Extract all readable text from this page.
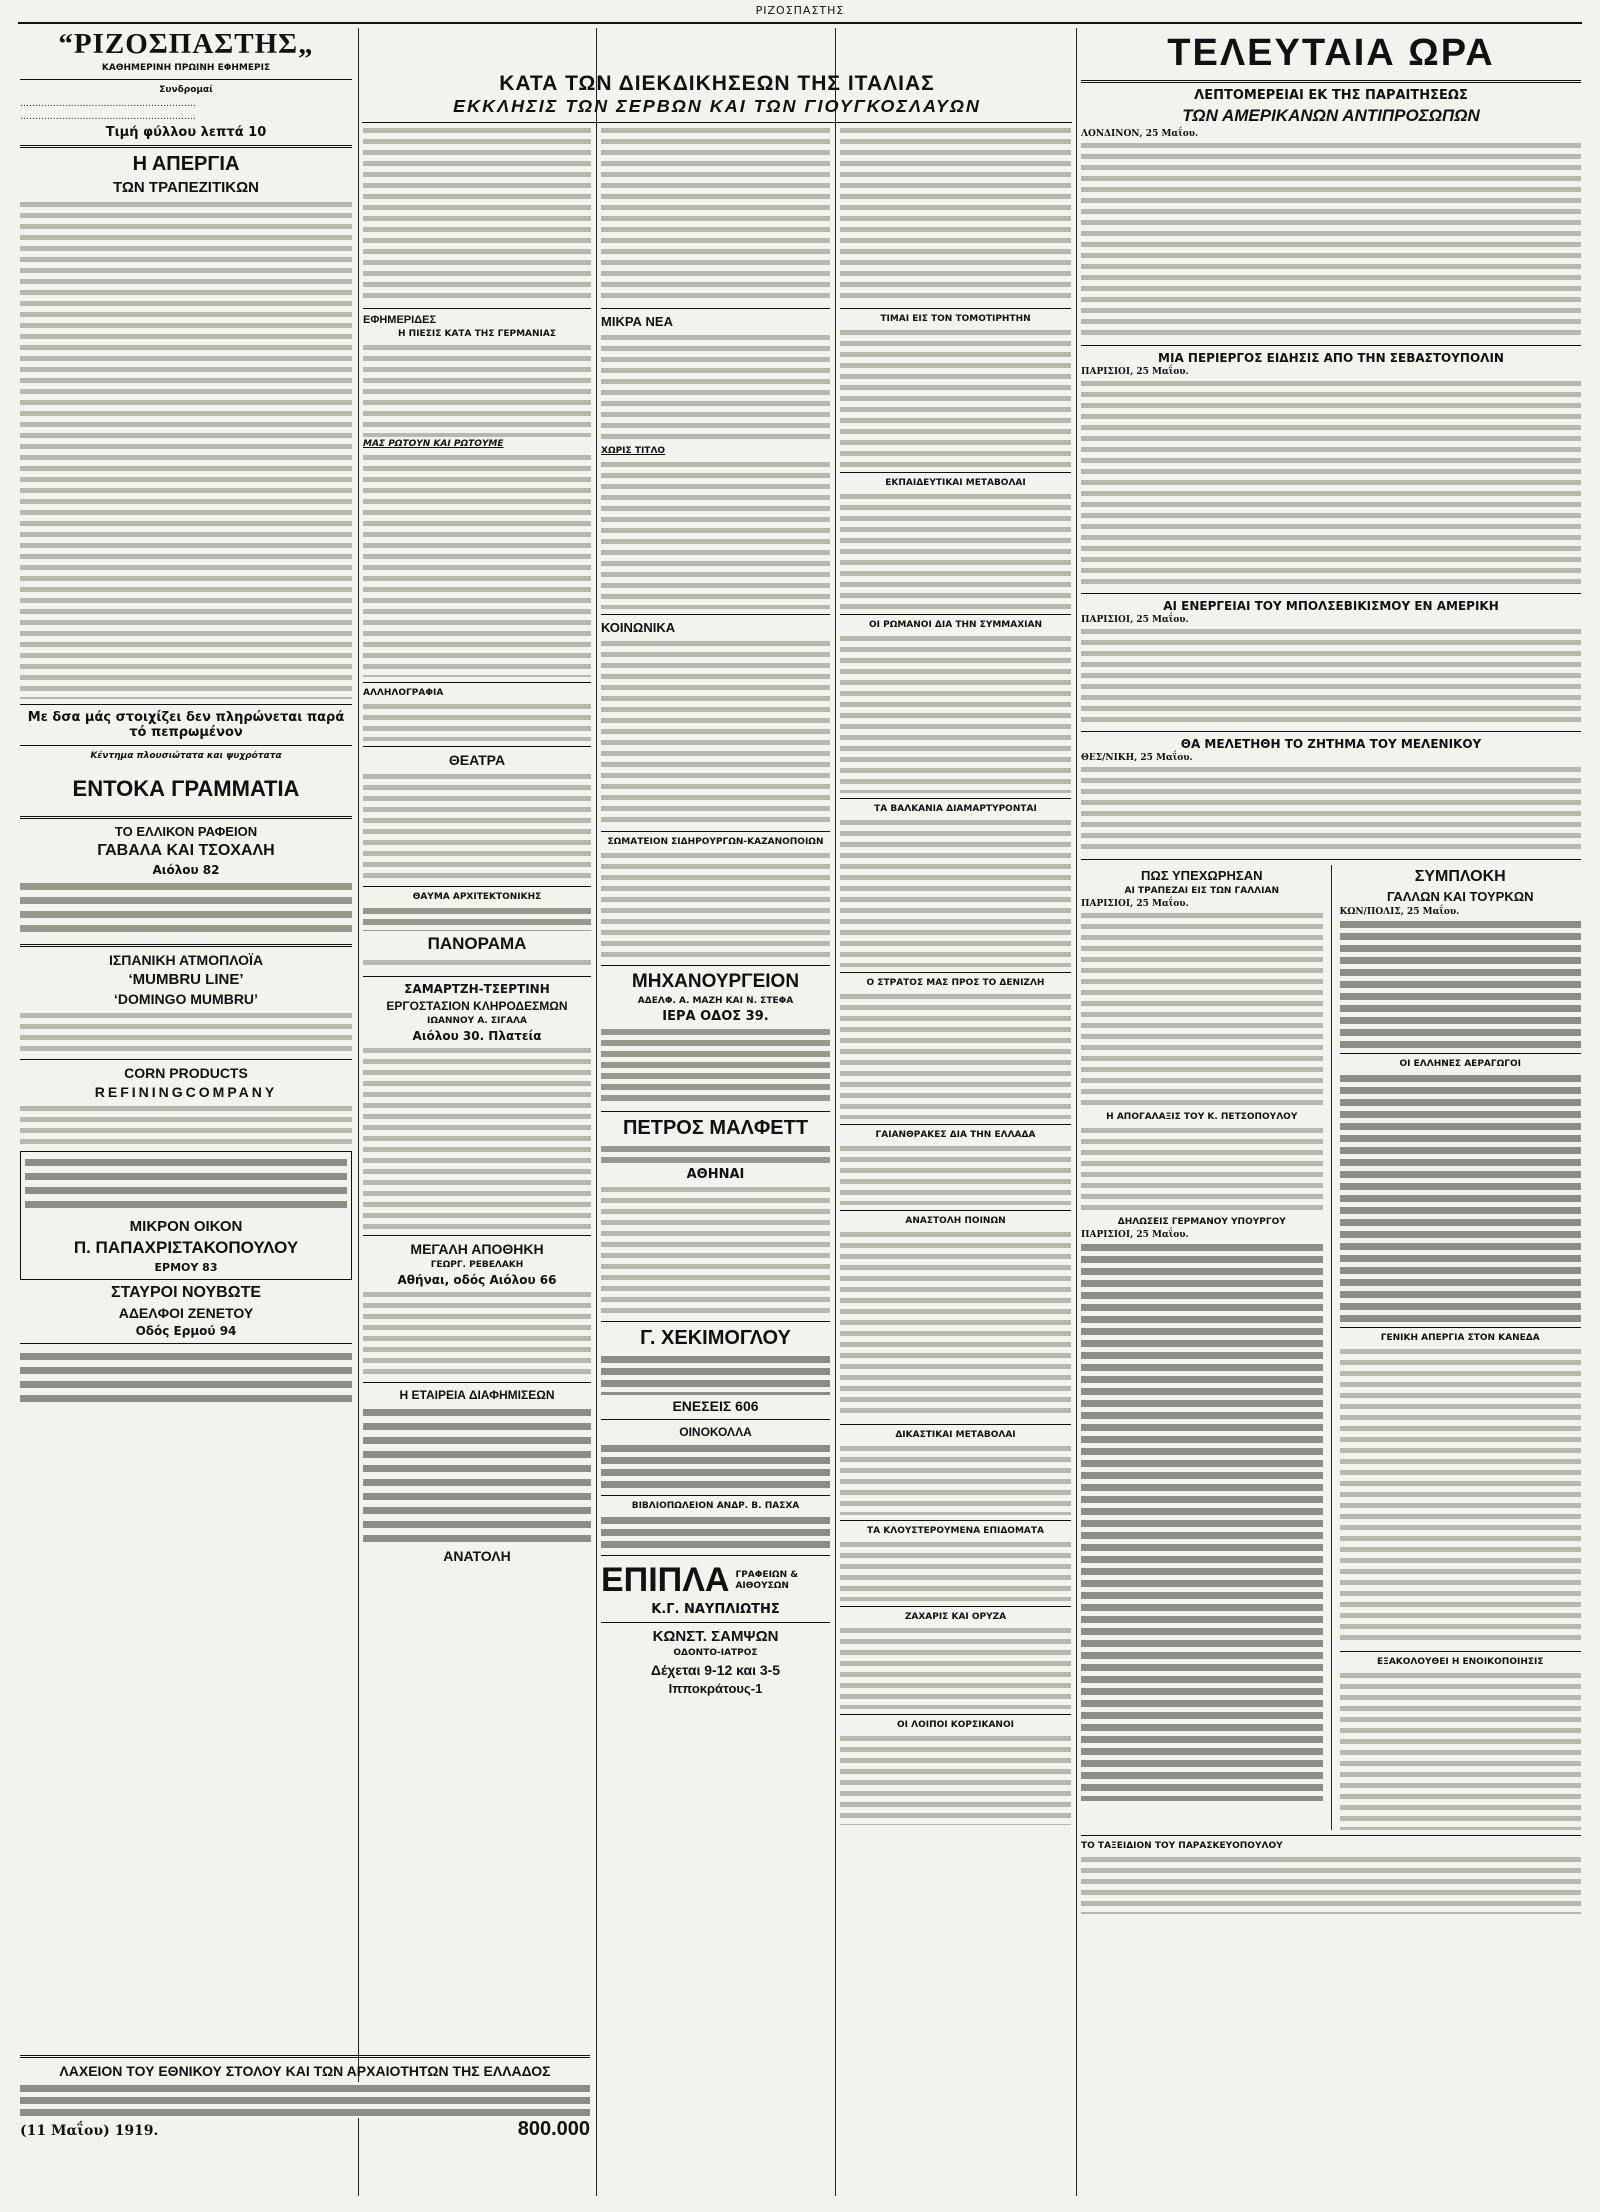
ΡΙΖΟΣΠΑΣΤΗΣ
ΚΑΤΑ ΤΩΝ ΔΙΕΚΔΙΚΗΣΕΩΝ ΤΗΣ ΙΤΑΛΙΑΣ
ΕΚΚΛΗΣΙΣ ΤΩΝ ΣΕΡΒΩΝ ΚΑΙ ΤΩΝ ΓΙΟΥΓΚΟΣΛΑΥΩΝ
“ΡΙΖΟΣΠΑΣΤΗΣ„
ΚΑΘΗΜΕΡΙΝΗ ΠΡΩΙΝΗ ΕΦΗΜΕΡΙΣ
Συνδρομαί

...........................................................

...........................................................

Τιμή φύλλου λεπτά 10
Η ΑΠΕΡΓΙΑ
ΤΩΝ ΤΡΑΠΕΖΙΤΙΚΩΝ
Με δσα μάς στοιχίζει δεν πληρώνεται παρά τό πεπρωμένον
Κέντημα πλουσιώτατα και ψυχρότατα
ΕΝΤΟΚΑ ΓΡΑΜΜΑΤΙΑ
ΤΟ ΕΛΛΙΚΟΝ ΡΑΦΕΙΟΝ
ΓΑΒΑΛΑ ΚΑΙ ΤΣΟΧΑΛΗ
Αιόλου 82
ΙΣΠΑΝΙΚΗ ΑΤΜΟΠΛΟΪΑ
‘MUMBRU LINE’
‘DOMINGO MUMBRU’
CORN PRODUCTS
REFININGCOMPANY
ΜΙΚΡΟΝ ΟΙΚΟΝ
Π. ΠΑΠΑΧΡΙΣΤΑΚΟΠΟΥΛΟΥ
ΕΡΜΟΥ 83
ΣΤΑΥΡΟΙ ΝΟΥΒΩΤΕ
ΑΔΕΛΦΟΙ ΖΕΝΕΤΟΥ
Οδός Ερμού 94
ΛΑΧΕΙΟΝ ΤΟΥ ΕΘΝΙΚΟΥ ΣΤΟΛΟΥ ΚΑΙ ΤΩΝ ΑΡΧΑΙΟΤΗΤΩΝ ΤΗΣ ΕΛΛΑΔΟΣ
(11 Μαΐου) 1919.	800.000
ΕΦΗΜΕΡΙΔΕΣ
Η ΠΙΕΣΙΣ ΚΑΤΑ ΤΗΣ ΓΕΡΜΑΝΙΑΣ
ΜΑΣ ΡΩΤΟΥΝ ΚΑΙ ΡΩΤΟΥΜΕ
ΑΛΛΗΛΟΓΡΑΦΙΑ
ΘΕΑΤΡΑ
ΘΑΥΜΑ ΑΡΧΙΤΕΚΤΟΝΙΚΗΣ
ΠΑΝΟΡΑΜΑ
ΣΑΜΑΡΤΖΗ-ΤΣΕΡΤΙΝΗ
ΕΡΓΟΣΤΑΣΙΟΝ ΚΛΗΡΟΔΕΣΜΩΝ
ΙΩΑΝΝΟΥ Α. ΣΙΓΑΛΑ
Αιόλου 30. Πλατεία
ΜΕΓΑΛΗ ΑΠΟΘΗΚΗ
ΓΕΩΡΓ. ΡΕΒΕΛΑΚΗ
Αθήναι, οδός Αιόλου 66
Η ΕΤΑΙΡΕΙΑ ΔΙΑΦΗΜΙΣΕΩΝ
ΑΝΑΤΟΛΗ
ΜΙΚΡΑ ΝΕΑ
ΧΩΡΙΣ ΤΙΤΛΟ
ΚΟΙΝΩΝΙΚΑ
ΣΩΜΑΤΕΙΟΝ ΣΙΔΗΡΟΥΡΓΩΝ-ΚΑΖΑΝΟΠΟΙΩΝ
ΜΗΧΑΝΟΥΡΓΕΙΟΝ
ΑΔΕΛΦ. Α. ΜΑΖΗ ΚΑΙ Ν. ΣΤΕΦΑ
ΙΕΡΑ ΟΔΟΣ 39.
ΠΕΤΡΟΣ ΜΑΛΦΕΤΤ
ΑΘΗΝΑΙ
Γ. ΧΕΚΙΜΟΓΛΟΥ
ΕΝΕΣΕΙΣ 606
ΟΙΝΟΚΟΛΛΑ
ΒΙΒΛΙΟΠΩΛΕΙΟΝ ΑΝΔΡ. Β. ΠΑΣΧΑ
ΕΠΙΠΛΑ ΓΡΑΦΕΙΩΝ & ΑΙΘΟΥΣΩΝ
Κ.Γ. ΝΑΥΠΛΙΩΤΗΣ
ΚΩΝΣΤ. ΣΑΜΨΩΝ
ΟΔΟΝΤΟ-ΙΑΤΡΟΣ
Δέχεται 9-12 και 3-5
Ιπποκράτους-1
ΤΙΜΑΙ ΕΙΣ ΤΟΝ ΤΟΜΟΤΙΡΗΤΗΝ
ΕΚΠΑΙΔΕΥΤΙΚΑΙ ΜΕΤΑΒΟΛΑΙ
ΟΙ ΡΩΜΑΝΟΙ ΔΙΑ ΤΗΝ ΣΥΜΜΑΧΙΑΝ
ΤΑ ΒΑΛΚΑΝΙΑ ΔΙΑΜΑΡΤΥΡΟΝΤΑΙ
Ο ΣΤΡΑΤΟΣ ΜΑΣ ΠΡΟΣ ΤΟ ΔΕΝΙΖΛΗ
ΓΑΙΑΝΘΡΑΚΕΣ ΔΙΑ ΤΗΝ ΕΛΛΑΔΑ
ΑΝΑΣΤΟΛΗ ΠΟΙΝΩΝ
ΔΙΚΑΣΤΙΚΑΙ ΜΕΤΑΒΟΛΑΙ
ΤΑ ΚΛΟΥΣΤΕΡΟΥΜΕΝΑ ΕΠΙΔΟΜΑΤΑ
ΖΑΧΑΡΙΣ ΚΑΙ ΟΡΥΖΑ
ΟΙ ΛΟΙΠΟΙ ΚΟΡΣΙΚΑΝΟΙ
ΤΕΛΕΥΤΑΙΑ ΩΡΑ
ΛΕΠΤΟΜΕΡΕΙΑΙ ΕΚ ΤΗΣ ΠΑΡΑΙΤΗΣΕΩΣ
ΤΩΝ ΑΜΕΡΙΚΑΝΩΝ ΑΝΤΙΠΡΟΣΩΠΩΝ
ΛΟΝΔΙΝΟΝ, 25 Μαΐου.
ΜΙΑ ΠΕΡΙΕΡΓΟΣ ΕΙΔΗΣΙΣ ΑΠΟ ΤΗΝ ΣΕΒΑΣΤΟΥΠΟΛΙΝ
ΠΑΡΙΣΙΟΙ, 25 Μαΐου.
ΑΙ ΕΝΕΡΓΕΙΑΙ ΤΟΥ ΜΠΟΛΣΕΒΙΚΙΣΜΟΥ ΕΝ ΑΜΕΡΙΚΗ
ΠΑΡΙΣΙΟΙ, 25 Μαΐου.
ΘΑ ΜΕΛΕΤΗΘΗ ΤΟ ΖΗΤΗΜΑ ΤΟΥ ΜΕΛΕΝΙΚΟΥ
ΘΕΣ/ΝΙΚΗ, 25 Μαΐου.
ΠΩΣ ΥΠΕΧΩΡΗΣΑΝ
ΑΙ ΤΡΑΠΕΖΑΙ ΕΙΣ ΤΩΝ ΓΑΛΛΙΑΝ
ΠΑΡΙΣΙΟΙ, 25 Μαΐου.
Η ΑΠΟΓΑΛΑΞΙΣ ΤΟΥ Κ. ΠΕΤΣΟΠΟΥΛΟΥ
ΔΗΛΩΣΕΙΣ ΓΕΡΜΑΝΟΥ ΥΠΟΥΡΓΟΥ
ΠΑΡΙΣΙΟΙ, 25 Μαΐου.
ΣΥΜΠΛΟΚΗ
ΓΑΛΛΩΝ ΚΑΙ ΤΟΥΡΚΩΝ
ΚΩΝ/ΠΟΛΙΣ, 25 Μαΐου.
ΟΙ ΕΛΛΗΝΕΣ ΑΕΡΑΓΩΓΟΙ
ΓΕΝΙΚΗ ΑΠΕΡΓΙΑ ΣΤΟΝ ΚΑΝΕΔΑ
ΕΞΑΚΟΛΟΥΘΕΙ Η ΕΝΟΙΚΟΠΟΙΗΣΙΣ
ΤΟ ΤΑΞΕΙΔΙΟΝ ΤΟΥ ΠΑΡΑΣΚΕΥΟΠΟΥΛΟΥ
